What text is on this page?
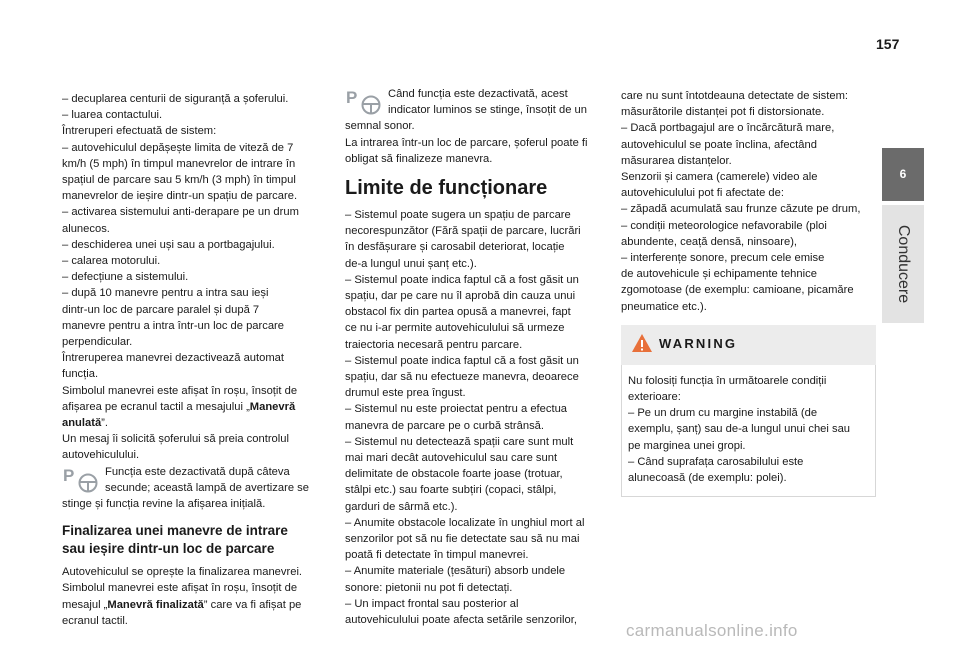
157
6
Conducere
– decuplarea centurii de siguranță a șoferului.
– luarea contactului.
Întreruperi efectuată de sistem:
– autovehiculul depășește limita de viteză de 7
km/h (5 mph) în timpul manevrelor de intrare în
spațiul de parcare sau 5 km/h (3 mph) în timpul
manevrelor de ieșire dintr-un spațiu de parcare.
– activarea sistemului anti-derapare pe un drum
alunecos.
– deschiderea unei uși sau a portbagajului.
– calarea motorului.
– defecțiune a sistemului.
– după 10 manevre pentru a intra sau ieși
dintr-un loc de parcare paralel și după 7
manevre pentru a intra într-un loc de parcare
perpendicular.
Întreruperea manevrei dezactivează automat
funcția.
Simbolul manevrei este afișat în roșu, însoțit de
afișarea pe ecranul tactil a mesajului „Manevră
anulată”.
Un mesaj îi solicită șoferului să preia controlul
autovehiculului.
P	Funcția este dezactivată după câteva
secunde; această lampă de avertizare se
stinge și funcția revine la afișarea inițială.
Finalizarea unei manevre de intrare
sau ieșire dintr-un loc de parcare
Autovehiculul se oprește la finalizarea manevrei.
Simbolul manevrei este afișat în roșu, însoțit de
mesajul „Manevră finalizată” care va fi afișat pe
ecranul tactil.
P	Când funcția este dezactivată, acest
indicator luminos se stinge, însoțit de un
semnal sonor.
La intrarea într-un loc de parcare, șoferul poate fi
obligat să finalizeze manevra.
Limite de funcționare
– Sistemul poate sugera un spațiu de parcare
necorespunzător (Fără spații de parcare, lucrări
în desfășurare și carosabil deteriorat, locație
de-a lungul unui șanț etc.).
– Sistemul poate indica faptul că a fost găsit un
spațiu, dar pe care nu îl aprobă din cauza unui
obstacol fix din partea opusă a manevrei, fapt
ce nu i-ar permite autovehiculului să urmeze
traiectoria necesară pentru parcare.
– Sistemul poate indica faptul că a fost găsit un
spațiu, dar să nu efectueze manevra, deoarece
drumul este prea îngust.
– Sistemul nu este proiectat pentru a efectua
manevra de parcare pe o curbă strânsă.
– Sistemul nu detectează spații care sunt mult
mai mari decât autovehiculul sau care sunt
delimitate de obstacole foarte joase (trotuar,
stâlpi etc.) sau foarte subțiri (copaci, stâlpi,
garduri de sârmă etc.).
– Anumite obstacole localizate în unghiul mort al
senzorilor pot să nu fie detectate sau să nu mai
poată fi detectate în timpul manevrei.
– Anumite materiale (țesături) absorb undele
sonore: pietonii nu pot fi detectați.
– Un impact frontal sau posterior al
autovehiculului poate afecta setările senzorilor,
care nu sunt întotdeauna detectate de sistem:
măsurătorile distanței pot fi distorsionate.
– Dacă portbagajul are o încărcătură mare,
autovehiculul se poate înclina, afectând
măsurarea distanțelor.
Senzorii și camera (camerele) video ale
autovehiculului pot fi afectate de:
– zăpadă acumulată sau frunze căzute pe drum,
– condiții meteorologice nefavorabile (ploi
abundente, ceață densă, ninsoare),
– interferențe sonore, precum cele emise
de autovehicule și echipamente tehnice
zgomotoase (de exemplu: camioane, picamăre
pneumatice etc.).
WARNING
Nu folosiți funcția în următoarele condiții
exterioare:
– Pe un drum cu margine instabilă (de
exemplu, șanț) sau de-a lungul unui chei sau
pe marginea unei gropi.
– Când suprafața carosabilului este
alunecoasă (de exemplu: polei).
carmanualsonline.info
